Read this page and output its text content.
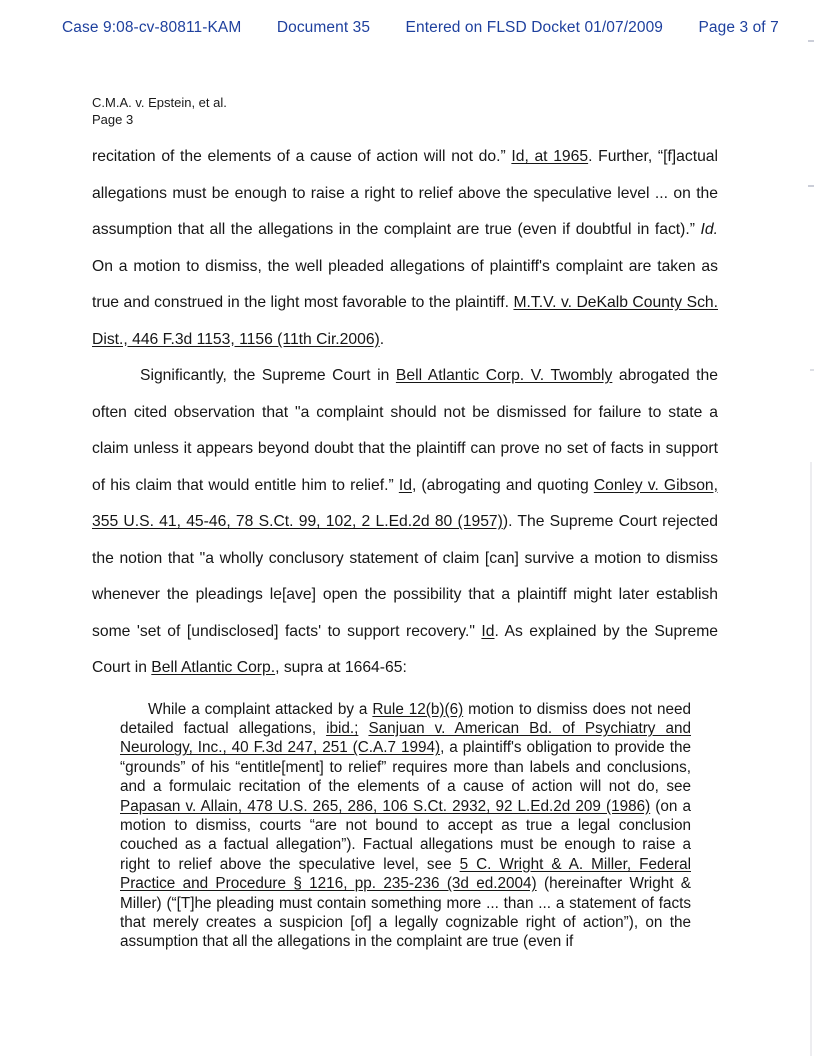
Case 9:08-cv-80811-KAM Document 35 Entered on FLSD Docket 01/07/2009 Page 3 of 7
C.M.A. v. Epstein, et al.
Page 3

recitation of the elements of a cause of action will not do.” Id, at 1965. Further, “[f]actual allegations must be enough to raise a right to relief above the speculative level ... on the assumption that all the allegations in the complaint are true (even if doubtful in fact).” Id. On a motion to dismiss, the well pleaded allegations of plaintiff's complaint are taken as true and construed in the light most favorable to the plaintiff. M.T.V. v. DeKalb County Sch. Dist., 446 F.3d 1153, 1156 (11th Cir.2006).

Significantly, the Supreme Court in Bell Atlantic Corp. V. Twombly abrogated the often cited observation that "a complaint should not be dismissed for failure to state a claim unless it appears beyond doubt that the plaintiff can prove no set of facts in support of his claim that would entitle him to relief.” Id, (abrogating and quoting Conley v. Gibson, 355 U.S. 41, 45-46, 78 S.Ct. 99, 102, 2 L.Ed.2d 80 (1957)). The Supreme Court rejected the notion that "a wholly conclusory statement of claim [can] survive a motion to dismiss whenever the pleadings le[ave] open the possibility that a plaintiff might later establish some 'set of [undisclosed] facts' to support recovery." Id. As explained by the Supreme Court in Bell Atlantic Corp., supra at 1664-65:

While a complaint attacked by a Rule 12(b)(6) motion to dismiss does not need detailed factual allegations, ibid.; Sanjuan v. American Bd. of Psychiatry and Neurology, Inc., 40 F.3d 247, 251 (C.A.7 1994), a plaintiff's obligation to provide the “grounds” of his “entitle[ment] to relief” requires more than labels and conclusions, and a formulaic recitation of the elements of a cause of action will not do, see Papasan v. Allain, 478 U.S. 265, 286, 106 S.Ct. 2932, 92 L.Ed.2d 209 (1986) (on a motion to dismiss, courts “are not bound to accept as true a legal conclusion couched as a factual allegation”). Factual allegations must be enough to raise a right to relief above the speculative level, see 5 C. Wright & A. Miller, Federal Practice and Procedure § 1216, pp. 235-236 (3d ed.2004) (hereinafter Wright & Miller) (“[T]he pleading must contain something more ... than ... a statement of facts that merely creates a suspicion [of] a legally cognizable right of action”), on the assumption that all the allegations in the complaint are true (even if
